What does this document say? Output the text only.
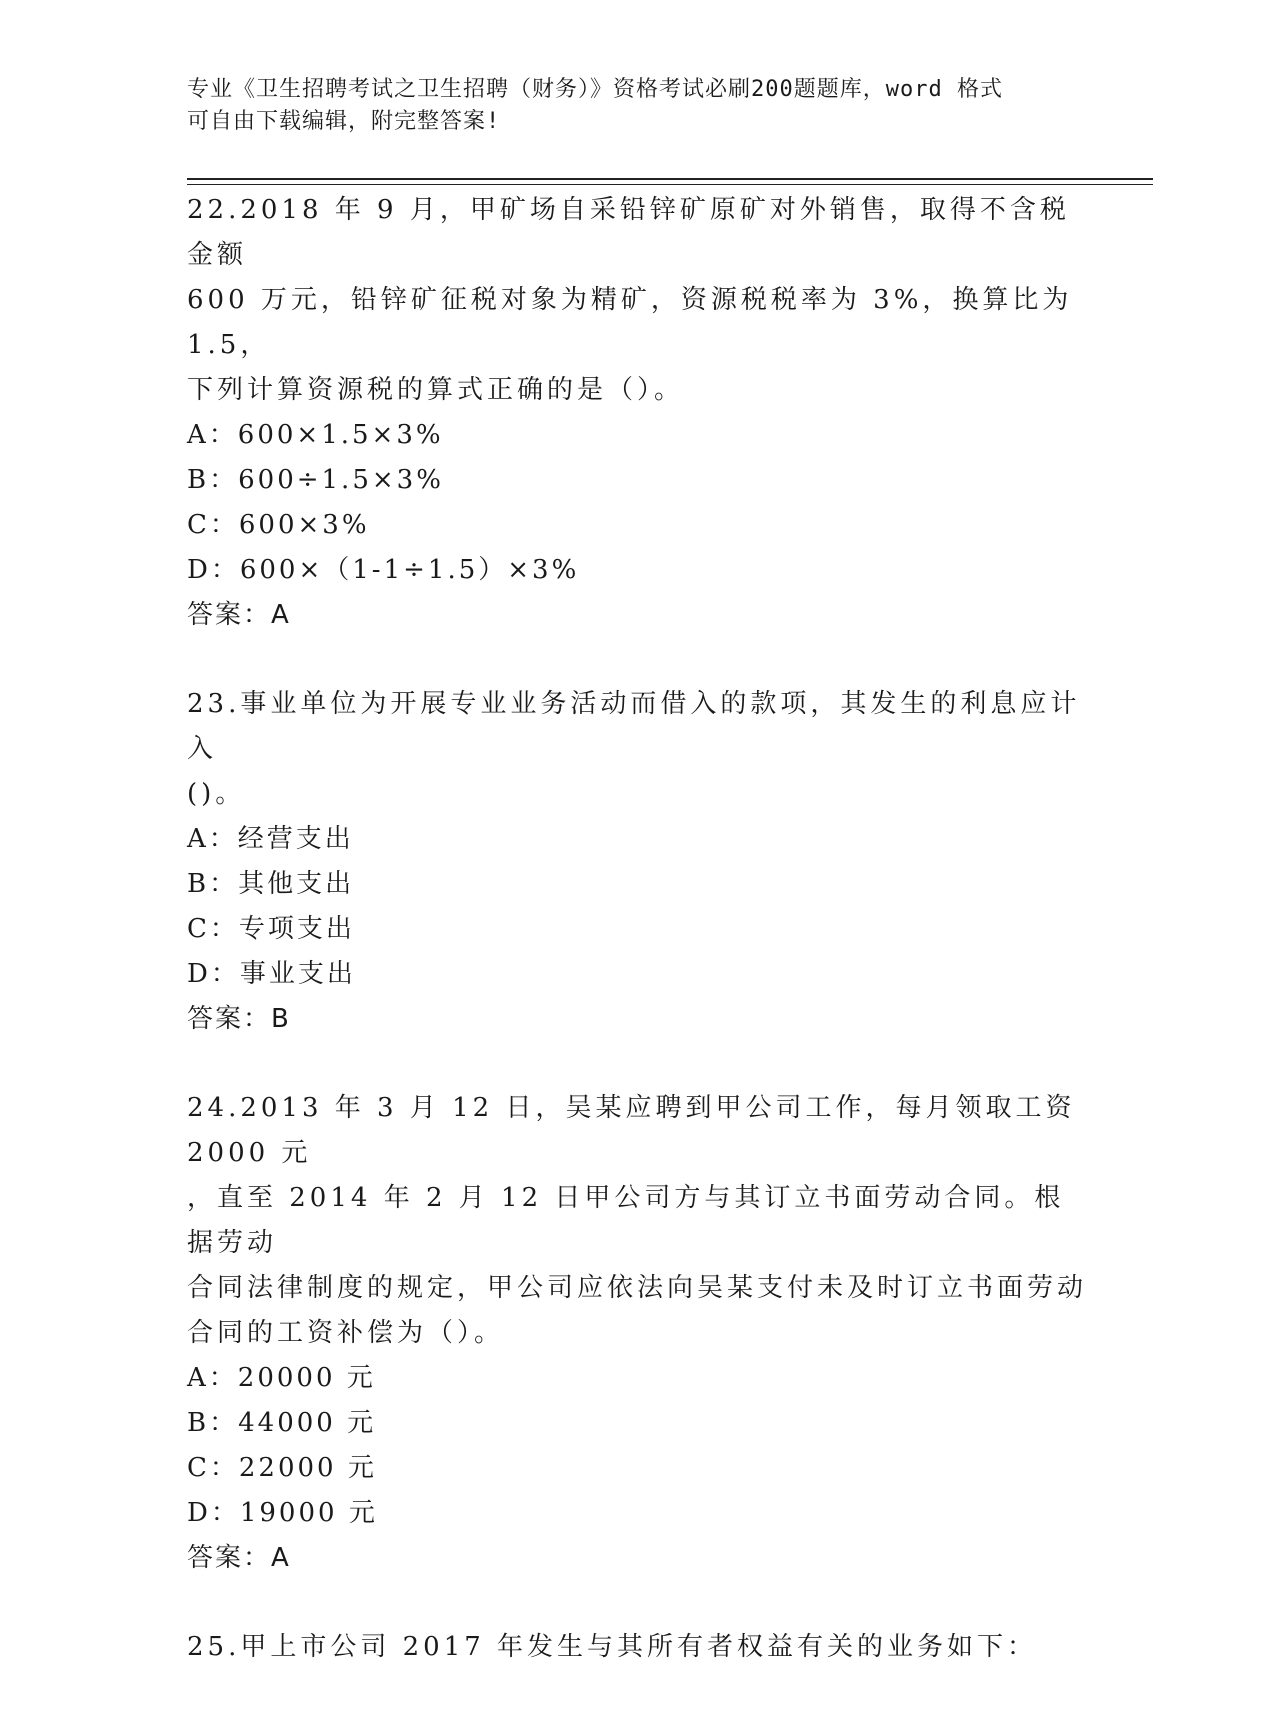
专业《卫生招聘考试之卫生招聘（财务）》资格考试必刷200题题库，word 格式
可自由下载编辑，附完整答案!

22.2018 年 9 月，甲矿场自采铅锌矿原矿对外销售，取得不含税金额

600 万元，铅锌矿征税对象为精矿，资源税税率为 3%，换算比为 1.5，

下列计算资源税的算式正确的是（）。

A：600×1.5×3%

B：600÷1.5×3%

C：600×3%

D：600×（1-1÷1.5）×3%

答案：A

23.事业单位为开展专业业务活动而借入的款项，其发生的利息应计入

()。

A：经营支出

B：其他支出

C：专项支出

D：事业支出

答案：B

24.2013 年 3 月 12 日，吴某应聘到甲公司工作，每月领取工资 2000 元

，直至 2014 年 2 月 12 日甲公司方与其订立书面劳动合同。根据劳动

合同法律制度的规定，甲公司应依法向吴某支付未及时订立书面劳动

合同的工资补偿为（）。

A：20000 元

B：44000 元

C：22000 元

D：19000 元

答案：A

25.甲上市公司 2017 年发生与其所有者权益有关的业务如下：
